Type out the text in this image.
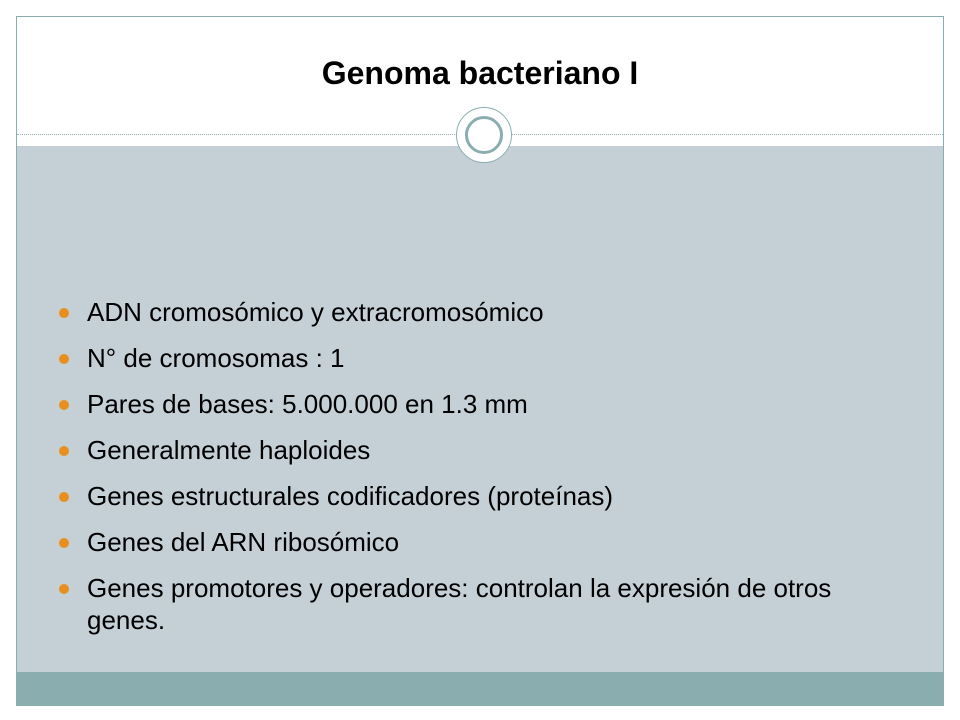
Genoma bacteriano I
ADN cromosómico y extracromosómico
N° de cromosomas : 1
Pares de bases: 5.000.000 en 1.3 mm
Generalmente haploides
Genes estructurales codificadores (proteínas)
Genes del ARN ribosómico
Genes promotores y operadores: controlan la expresión de otros genes.
